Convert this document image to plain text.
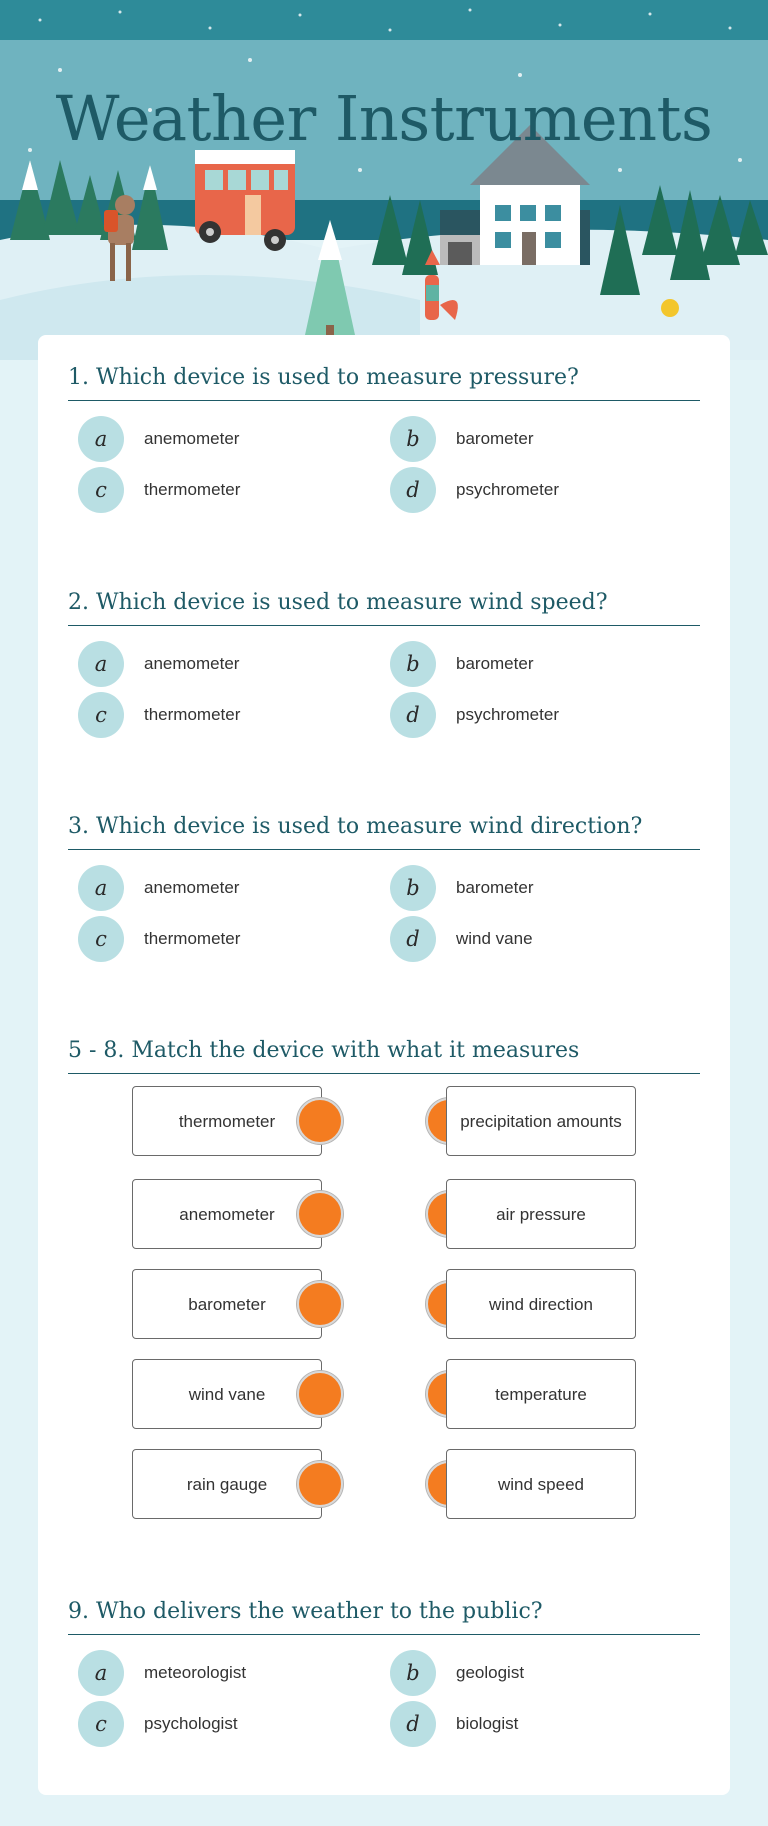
Weather Instruments
1. Which device is used to measure pressure?
a	anemometer	b	barometer
c	thermometer	d	psychrometer
2. Which device is used to measure wind speed?
a	anemometer	b	barometer
c	thermometer	d	psychrometer
3. Which device is used to measure wind direction?
a	anemometer	b	barometer
c	thermometer	d	wind vane
5 - 8. Match the device with what it measures
thermometer	precipitation amounts
anemometer	air pressure
barometer	wind direction
wind vane	temperature
rain gauge	wind speed
9. Who delivers the weather to the public?
a	meteorologist	b	geologist
c	psychologist	d	biologist
